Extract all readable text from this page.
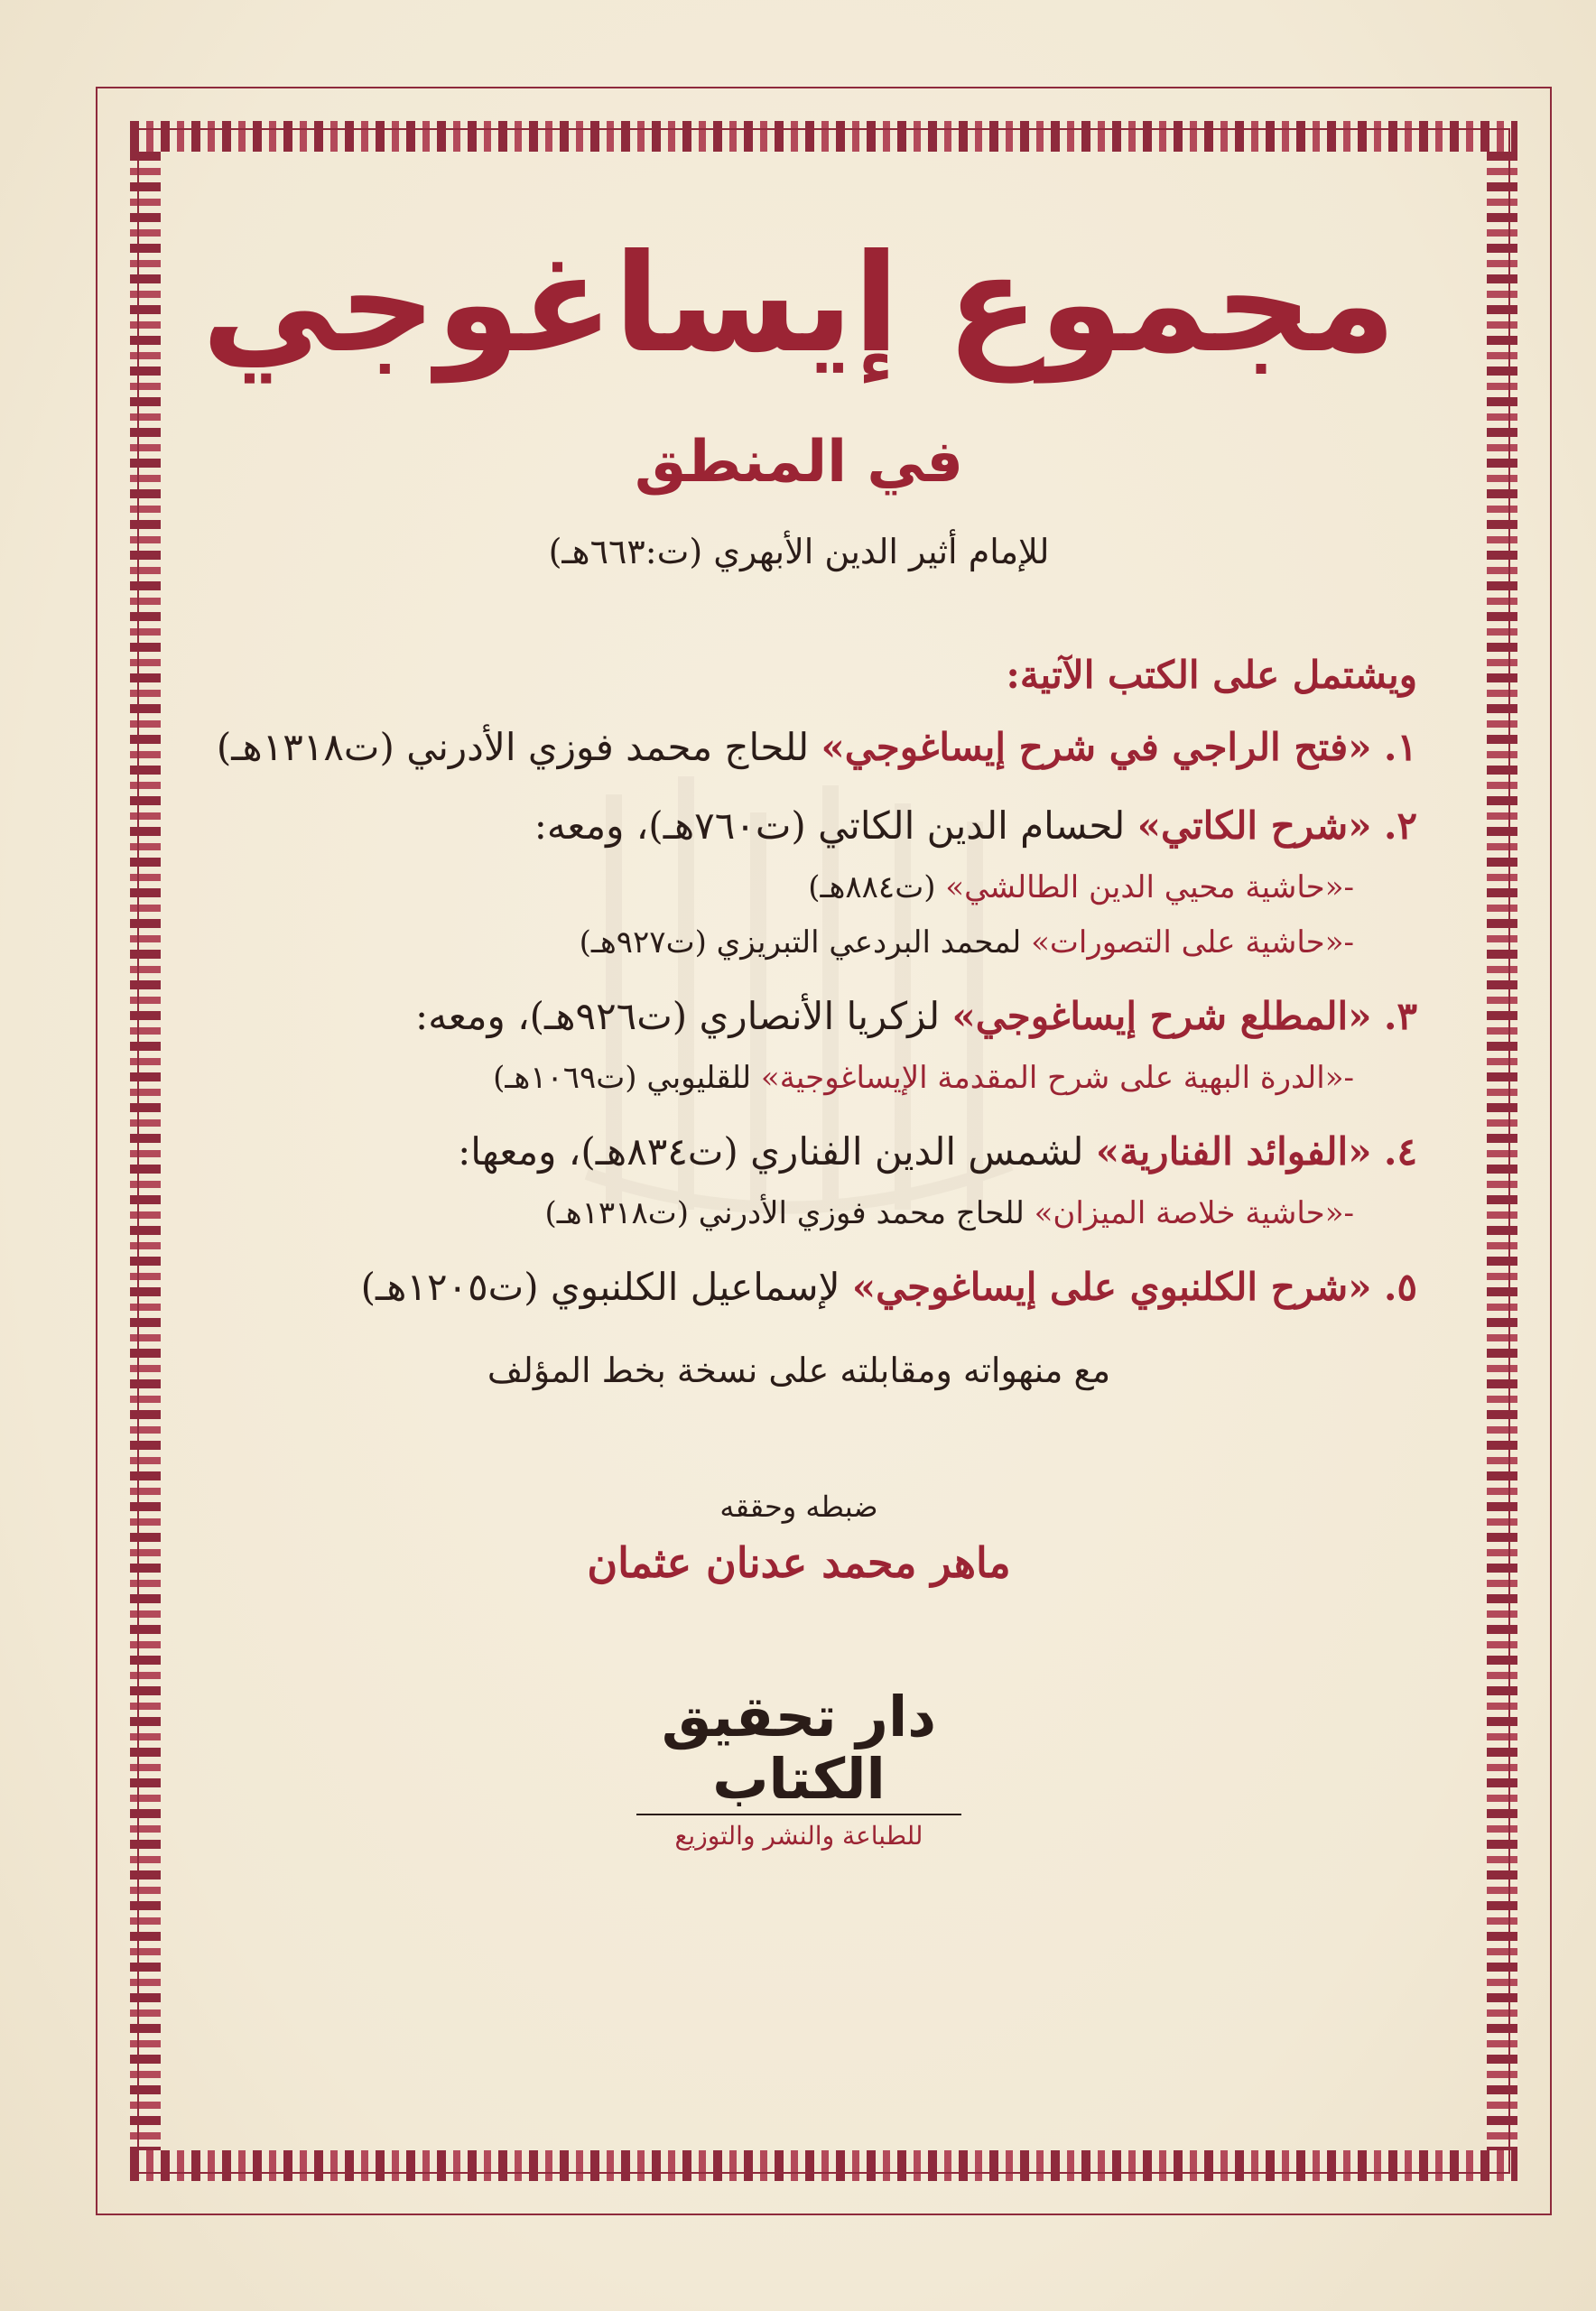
مجموع إيساغوجي
في المنطق
للإمام أثير الدين الأبهري (ت:٦٦٣هـ)
ويشتمل على الكتب الآتية:
١. «فتح الراجي في شرح إيساغوجي» للحاج محمد فوزي الأدرني (ت١٣١٨هـ)
٢. «شرح الكاتي» لحسام الدين الكاتي (ت٧٦٠هـ)، ومعه:
-«حاشية محيي الدين الطالشي» (ت٨٨٤هـ)
-«حاشية على التصورات» لمحمد البردعي التبريزي (ت٩٢٧هـ)
٣. «المطلع شرح إيساغوجي» لزكريا الأنصاري (ت٩٢٦هـ)، ومعه:
-«الدرة البهية على شرح المقدمة الإيساغوجية» للقليوبي (ت١٠٦٩هـ)
٤. «الفوائد الفنارية» لشمس الدين الفناري (ت٨٣٤هـ)، ومعها:
-«حاشية خلاصة الميزان» للحاج محمد فوزي الأدرني (ت١٣١٨هـ)
٥. «شرح الكلنبوي على إيساغوجي» لإسماعيل الكلنبوي (ت١٢٠٥هـ)
مع منهواته ومقابلته على نسخة بخط المؤلف
ضبطه وحققه
ماهر محمد عدنان عثمان
دار تحقيق الكتاب
للطباعة والنشر والتوزيع
